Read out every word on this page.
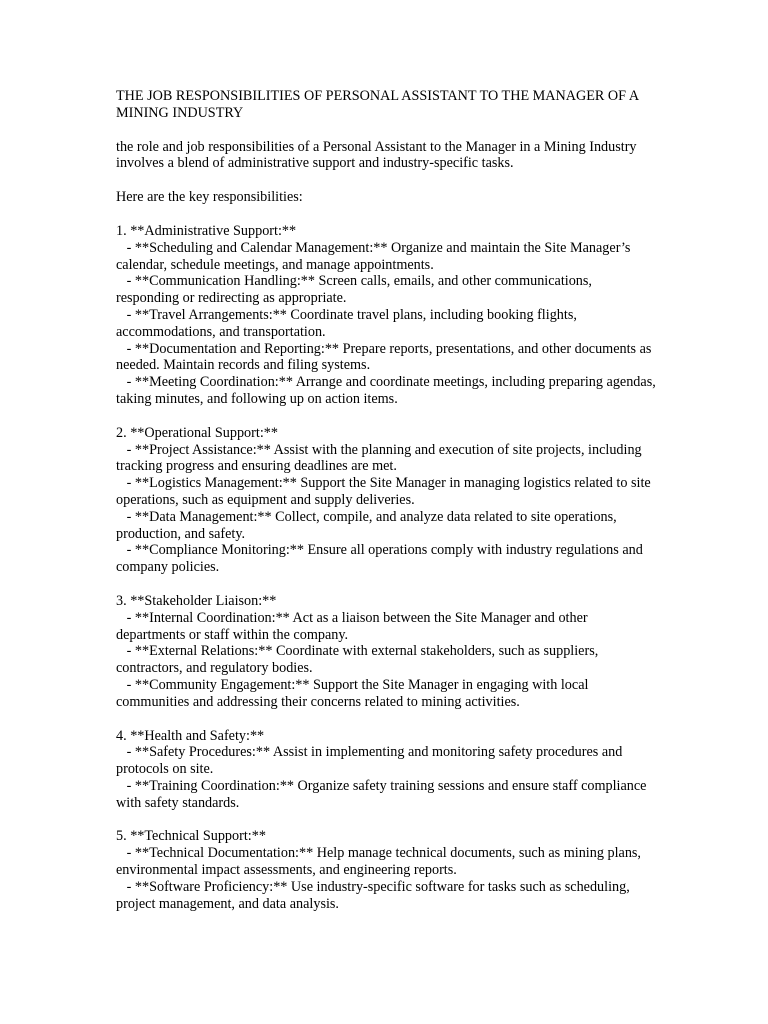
THE JOB RESPONSIBILITIES OF PERSONAL ASSISTANT TO THE MANAGER OF A MINING INDUSTRY
the role and job responsibilities of a Personal Assistant to the Manager in a Mining Industry involves a blend of administrative support and industry-specific tasks.
Here are the key responsibilities:
1. **Administrative Support:**
- **Scheduling and Calendar Management:** Organize and maintain the Site Manager’s calendar, schedule meetings, and manage appointments.
- **Communication Handling:** Screen calls, emails, and other communications, responding or redirecting as appropriate.
- **Travel Arrangements:** Coordinate travel plans, including booking flights, accommodations, and transportation.
- **Documentation and Reporting:** Prepare reports, presentations, and other documents as needed. Maintain records and filing systems.
- **Meeting Coordination:** Arrange and coordinate meetings, including preparing agendas, taking minutes, and following up on action items.
2. **Operational Support:**
- **Project Assistance:** Assist with the planning and execution of site projects, including tracking progress and ensuring deadlines are met.
- **Logistics Management:** Support the Site Manager in managing logistics related to site operations, such as equipment and supply deliveries.
- **Data Management:** Collect, compile, and analyze data related to site operations, production, and safety.
- **Compliance Monitoring:** Ensure all operations comply with industry regulations and company policies.
3. **Stakeholder Liaison:**
- **Internal Coordination:** Act as a liaison between the Site Manager and other departments or staff within the company.
- **External Relations:** Coordinate with external stakeholders, such as suppliers, contractors, and regulatory bodies.
- **Community Engagement:** Support the Site Manager in engaging with local communities and addressing their concerns related to mining activities.
4. **Health and Safety:**
- **Safety Procedures:** Assist in implementing and monitoring safety procedures and protocols on site.
- **Training Coordination:** Organize safety training sessions and ensure staff compliance with safety standards.
5. **Technical Support:**
- **Technical Documentation:** Help manage technical documents, such as mining plans, environmental impact assessments, and engineering reports.
- **Software Proficiency:** Use industry-specific software for tasks such as scheduling, project management, and data analysis.
